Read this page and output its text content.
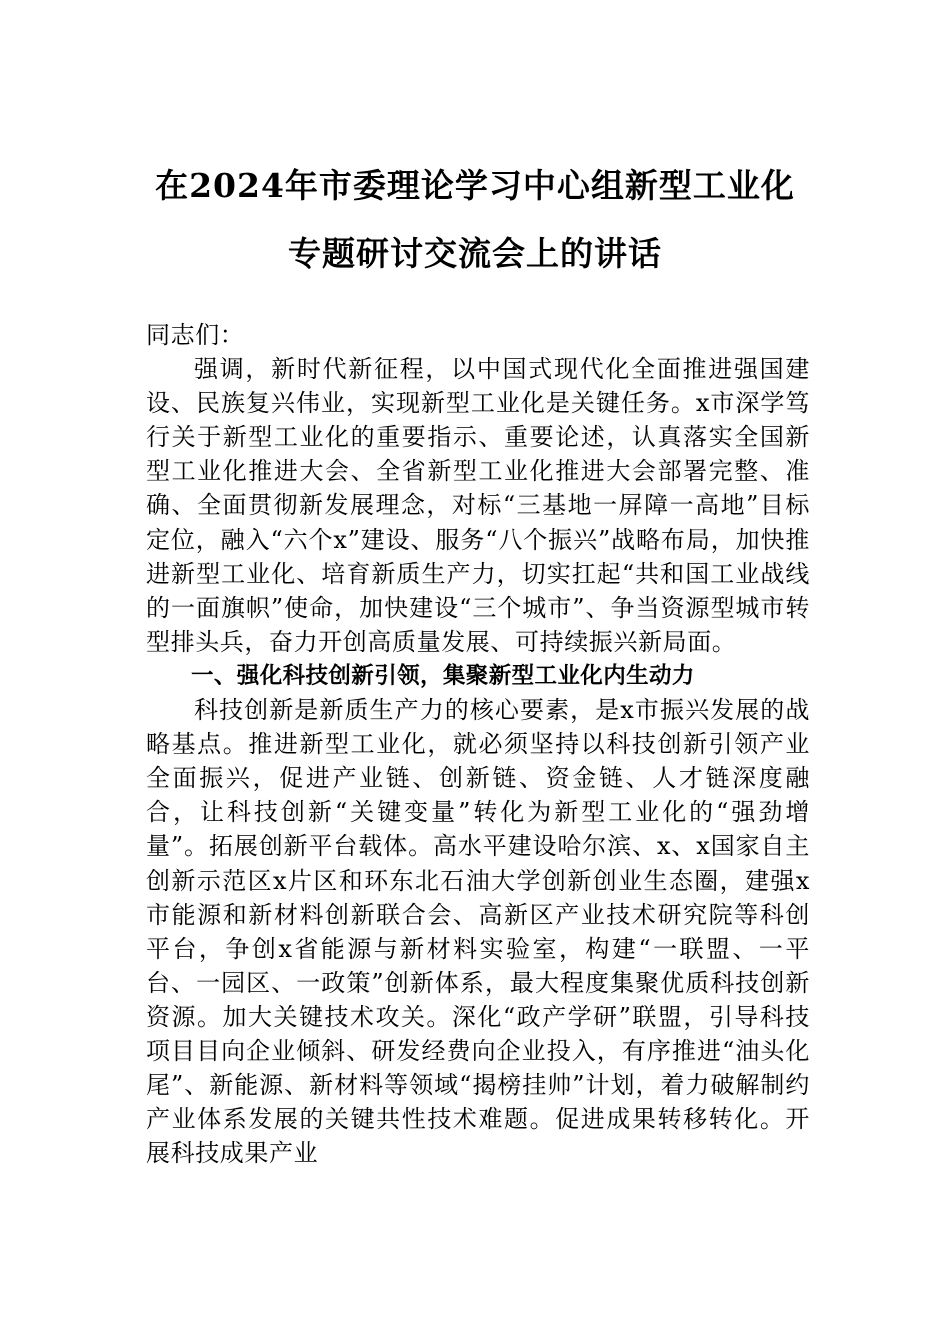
在2024年市委理论学习中心组新型工业化
专题研讨交流会上的讲话

同志们：

强调，新时代新征程，以中国式现代化全面推进强国建设、民族复兴伟业，实现新型工业化是关键任务。x市深学笃行关于新型工业化的重要指示、重要论述，认真落实全国新型工业化推进大会、全省新型工业化推进大会部署完整、准确、全面贯彻新发展理念，对标“三基地一屏障一高地”目标定位，融入“六个x”建设、服务“八个振兴”战略布局，加快推进新型工业化、培育新质生产力，切实扛起“共和国工业战线的一面旗帜”使命，加快建设“三个城市”、争当资源型城市转型排头兵，奋力开创高质量发展、可持续振兴新局面。

一、强化科技创新引领，集聚新型工业化内生动力

科技创新是新质生产力的核心要素，是x市振兴发展的战略基点。推进新型工业化，就必须坚持以科技创新引领产业全面振兴，促进产业链、创新链、资金链、人才链深度融合，让科技创新“关键变量”转化为新型工业化的“强劲增量”。拓展创新平台载体。高水平建设哈尔滨、x、x国家自主创新示范区x片区和环东北石油大学创新创业生态圈，建强x市能源和新材料创新联合会、高新区产业技术研究院等科创平台，争创x省能源与新材料实验室，构建“一联盟、一平台、一园区、一政策”创新体系，最大程度集聚优质科技创新资源。加大关键技术攻关。深化“政产学研”联盟，引导科技项目目向企业倾斜、研发经费向企业投入，有序推进“油头化尾”、新能源、新材料等领域“揭榜挂帅”计划，着力破解制约产业体系发展的关键共性技术难题。促进成果转移转化。开展科技成果产业
